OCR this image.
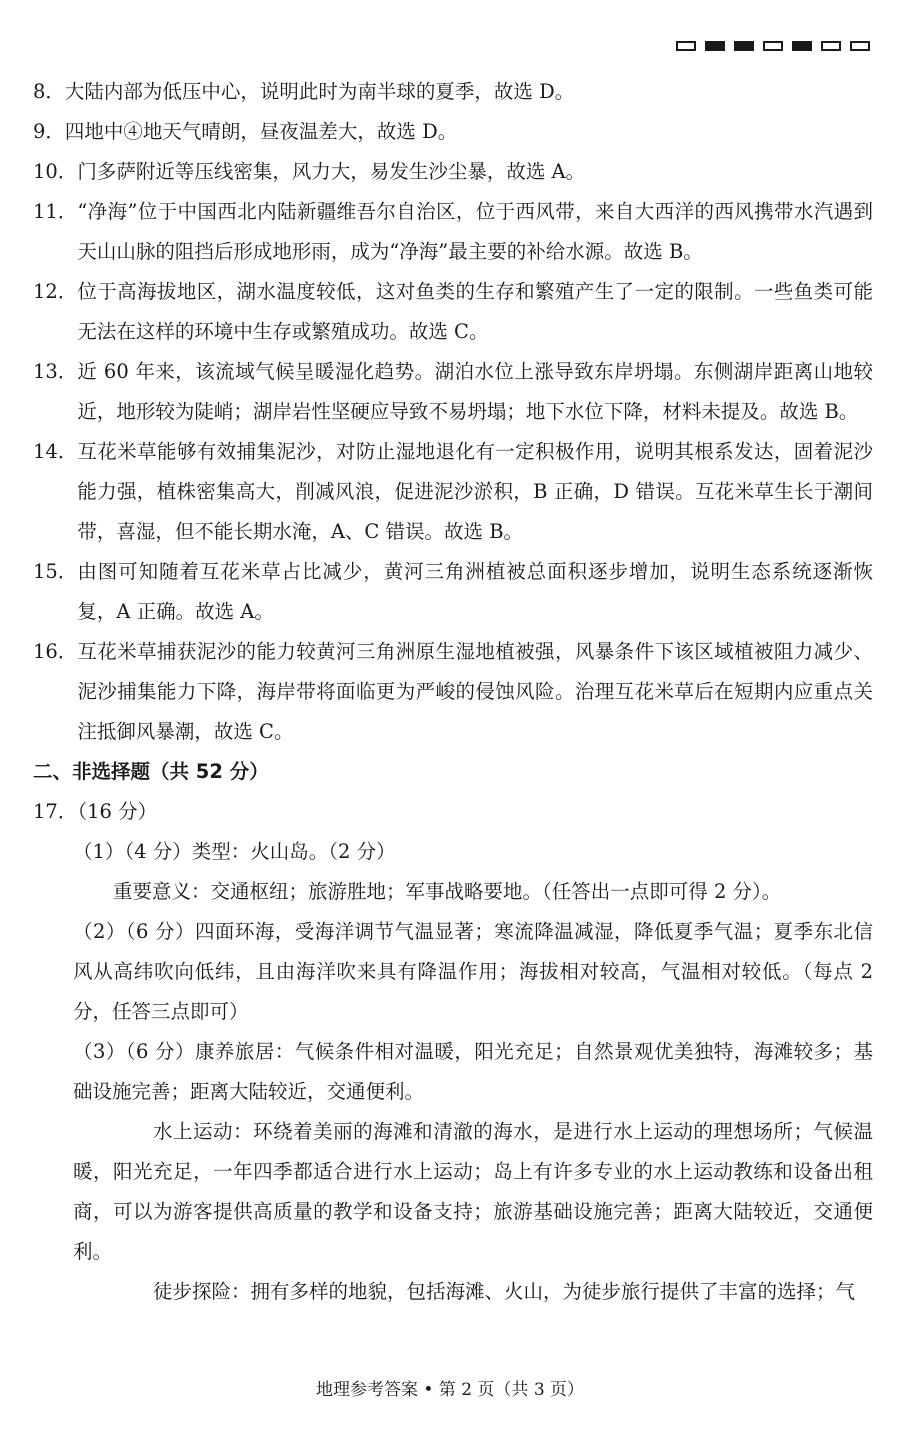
8． 大陆内部为低压中心，说明此时为南半球的夏季，故选 D。
9． 四地中④地天气晴朗，昼夜温差大，故选 D。
10． 门多萨附近等压线密集，风力大，易发生沙尘暴，故选 A。
11． “净海”位于中国西北内陆新疆维吾尔自治区，位于西风带，来自大西洋的西风携带水汽遇到天山山脉的阻挡后形成地形雨，成为“净海”最主要的补给水源。故选 B。
12． 位于高海拔地区，湖水温度较低，这对鱼类的生存和繁殖产生了一定的限制。一些鱼类可能无法在这样的环境中生存或繁殖成功。故选 C。
13． 近 60 年来，该流域气候呈暖湿化趋势。湖泊水位上涨导致东岸坍塌。东侧湖岸距离山地较近，地形较为陡峭；湖岸岩性坚硬应导致不易坍塌；地下水位下降，材料未提及。故选 B。
14． 互花米草能够有效捕集泥沙，对防止湿地退化有一定积极作用，说明其根系发达，固着泥沙能力强，植株密集高大，削减风浪，促进泥沙淤积，B 正确，D 错误。互花米草生长于潮间带，喜湿，但不能长期水淹，A、C 错误。故选 B。
15． 由图可知随着互花米草占比减少，黄河三角洲植被总面积逐步增加，说明生态系统逐渐恢复，A 正确。故选 A。
16． 互花米草捕获泥沙的能力较黄河三角洲原生湿地植被强，风暴条件下该区域植被阻力减少、泥沙捕集能力下降，海岸带将面临更为严峻的侵蚀风险。治理互花米草后在短期内应重点关注抵御风暴潮，故选 C。
二、非选择题（共 52 分）
17．（16 分）
（1）（4 分）类型：火山岛。（2 分）
重要意义：交通枢纽；旅游胜地；军事战略要地。（任答出一点即可得 2 分）。
（2）（6 分）四面环海，受海洋调节气温显著；寒流降温减湿，降低夏季气温；夏季东北信风从高纬吹向低纬，且由海洋吹来具有降温作用；海拔相对较高，气温相对较低。（每点 2 分，任答三点即可）
（3）（6 分）康养旅居：气候条件相对温暖，阳光充足；自然景观优美独特，海滩较多；基础设施完善；距离大陆较近，交通便利。
水上运动：环绕着美丽的海滩和清澈的海水，是进行水上运动的理想场所；气候温暖，阳光充足，一年四季都适合进行水上运动；岛上有许多专业的水上运动教练和设备出租商，可以为游客提供高质量的教学和设备支持；旅游基础设施完善；距离大陆较近，交通便利。
徒步探险：拥有多样的地貌，包括海滩、火山，为徒步旅行提供了丰富的选择；气
地理参考答案 • 第 2 页（共 3 页）
